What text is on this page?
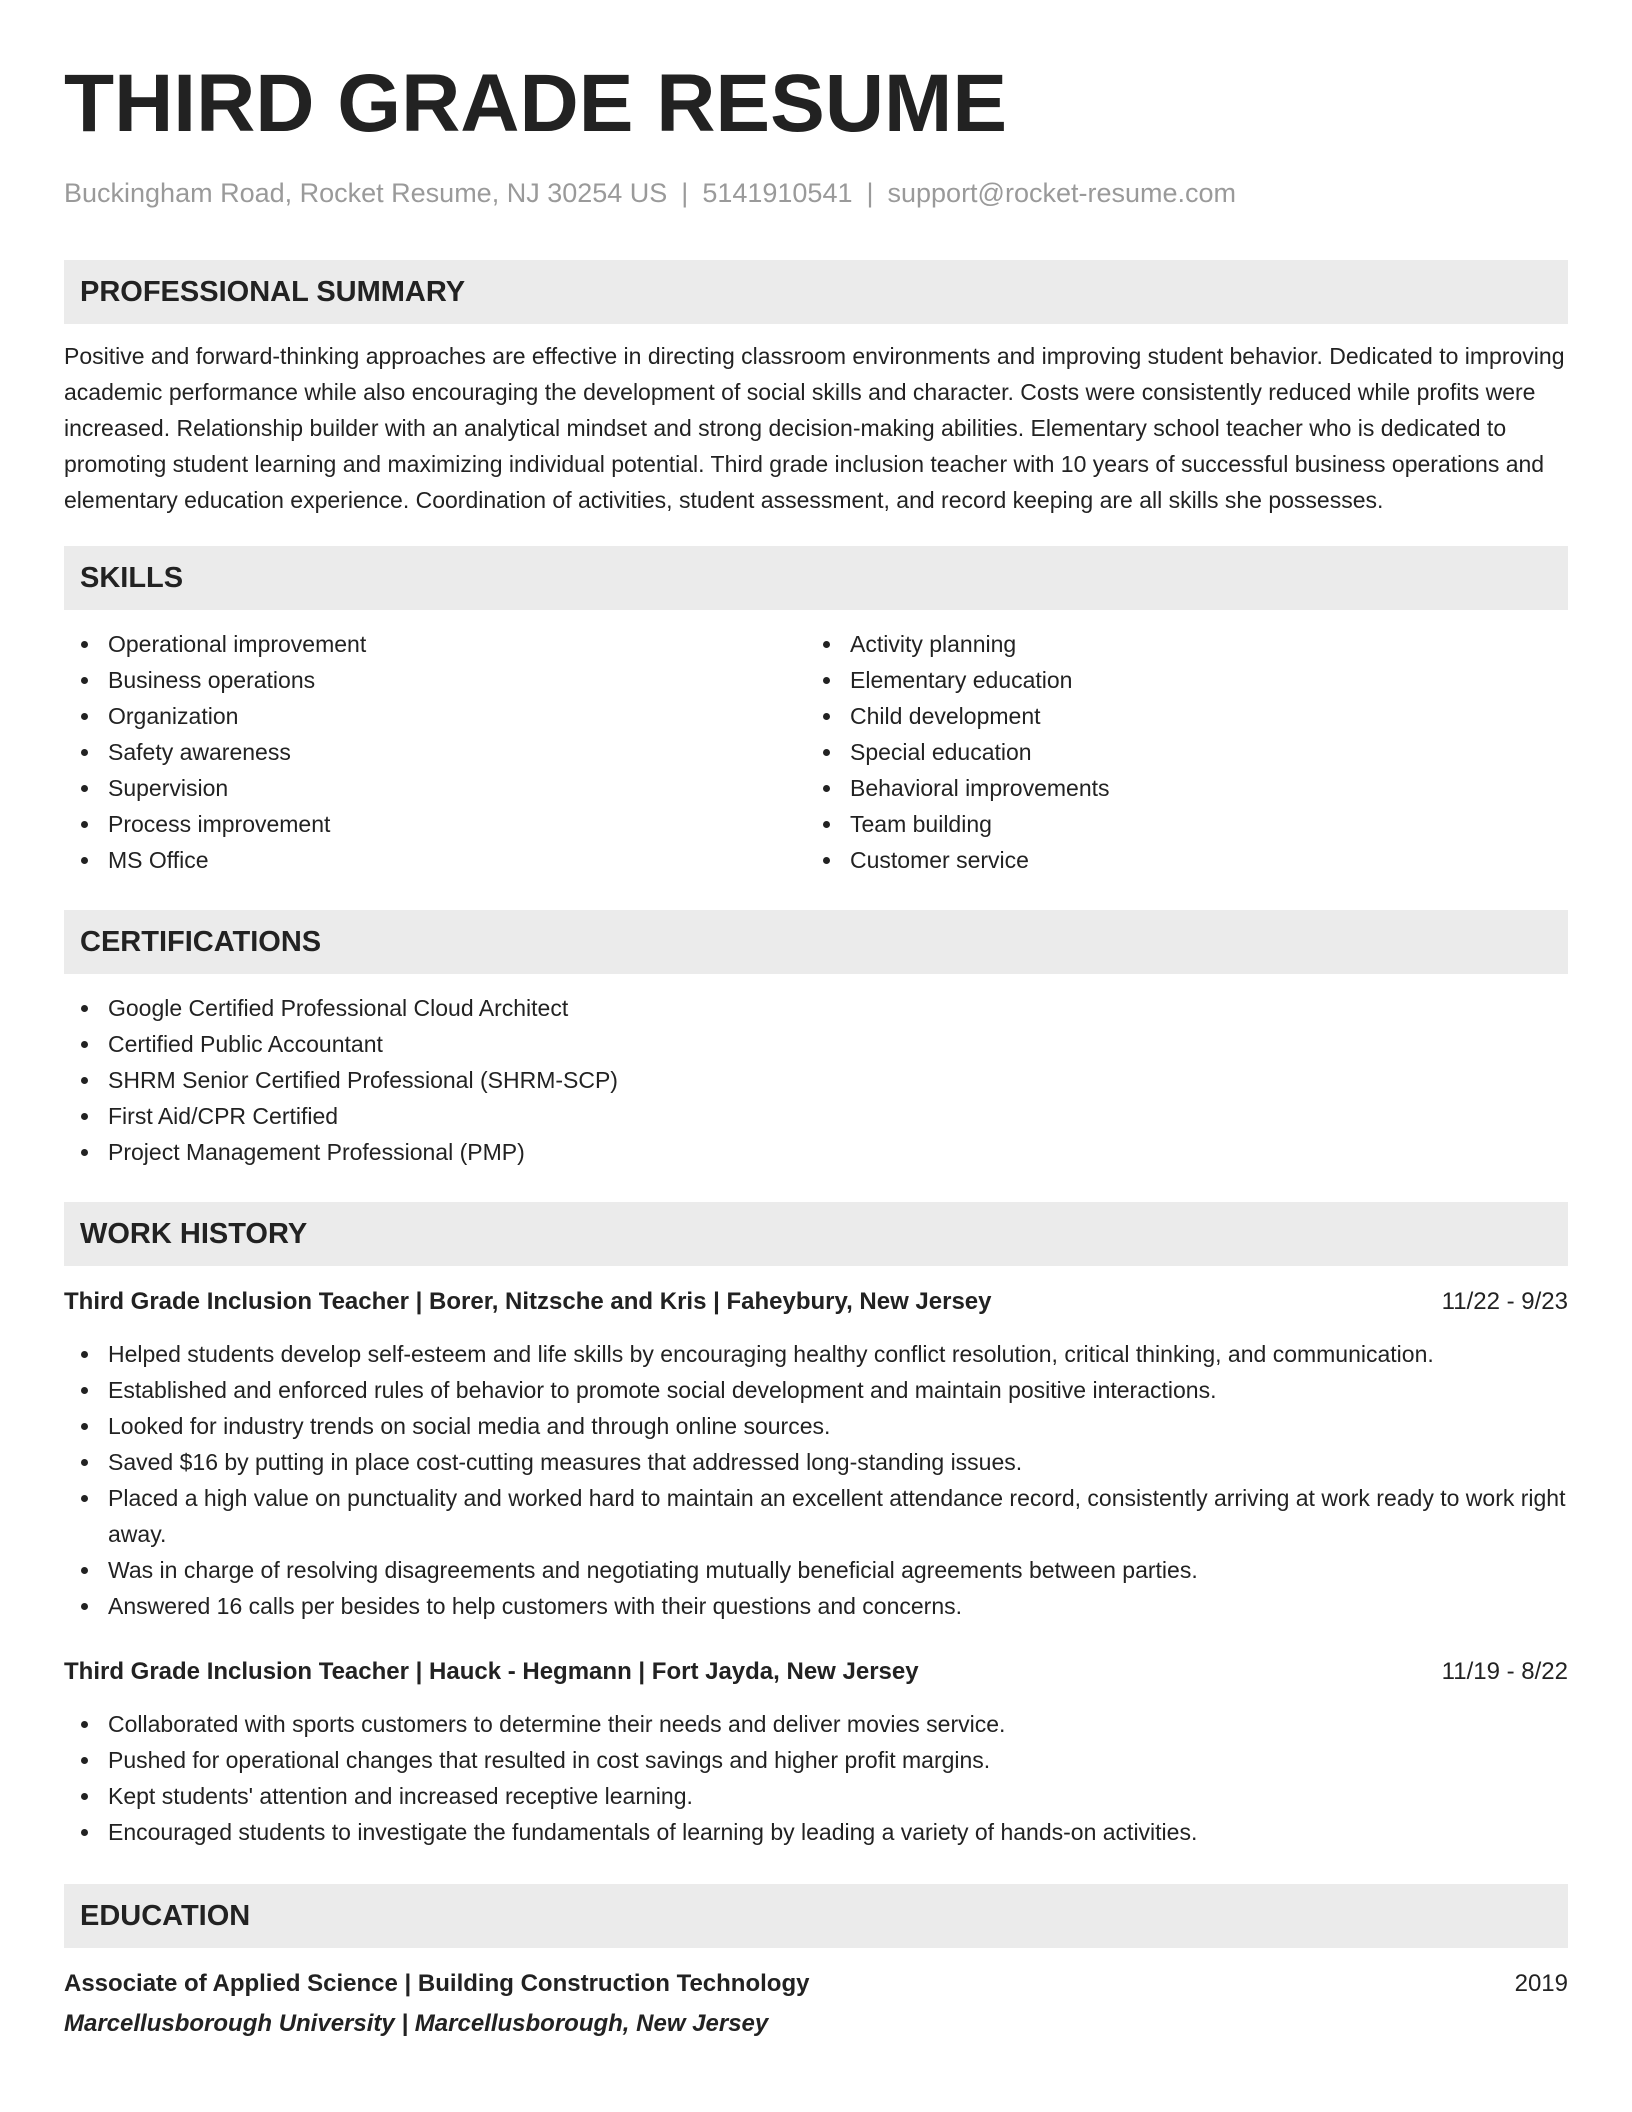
THIRD GRADE RESUME
Buckingham Road, Rocket Resume, NJ 30254 US | 5141910541 | support@rocket-resume.com
PROFESSIONAL SUMMARY

Positive and forward-thinking approaches are effective in directing classroom environments and improving student behavior. Dedicated to improving academic performance while also encouraging the development of social skills and character. Costs were consistently reduced while profits were increased. Relationship builder with an analytical mindset and strong decision-making abilities. Elementary school teacher who is dedicated to promoting student learning and maximizing individual potential. Third grade inclusion teacher with 10 years of successful business operations and elementary education experience. Coordination of activities, student assessment, and record keeping are all skills she possesses.

SKILLS
Operational improvement
Business operations
Organization
Safety awareness
Supervision
Process improvement
MS Office
Activity planning
Elementary education
Child development
Special education
Behavioral improvements
Team building
Customer service
CERTIFICATIONS
Google Certified Professional Cloud Architect
Certified Public Accountant
SHRM Senior Certified Professional (SHRM-SCP)
First Aid/CPR Certified
Project Management Professional (PMP)
WORK HISTORY
Third Grade Inclusion Teacher | Borer, Nitzsche and Kris | Faheybury, New Jersey	11/22 - 9/23
Helped students develop self-esteem and life skills by encouraging healthy conflict resolution, critical thinking, and communication.
Established and enforced rules of behavior to promote social development and maintain positive interactions.
Looked for industry trends on social media and through online sources.
Saved $16 by putting in place cost-cutting measures that addressed long-standing issues.
Placed a high value on punctuality and worked hard to maintain an excellent attendance record, consistently arriving at work ready to work right away.
Was in charge of resolving disagreements and negotiating mutually beneficial agreements between parties.
Answered 16 calls per besides to help customers with their questions and concerns.
Third Grade Inclusion Teacher | Hauck - Hegmann | Fort Jayda, New Jersey	11/19 - 8/22
Collaborated with sports customers to determine their needs and deliver movies service.
Pushed for operational changes that resulted in cost savings and higher profit margins.
Kept students' attention and increased receptive learning.
Encouraged students to investigate the fundamentals of learning by leading a variety of hands-on activities.
EDUCATION
Associate of Applied Science | Building Construction Technology	2019
Marcellusborough University | Marcellusborough, New Jersey
